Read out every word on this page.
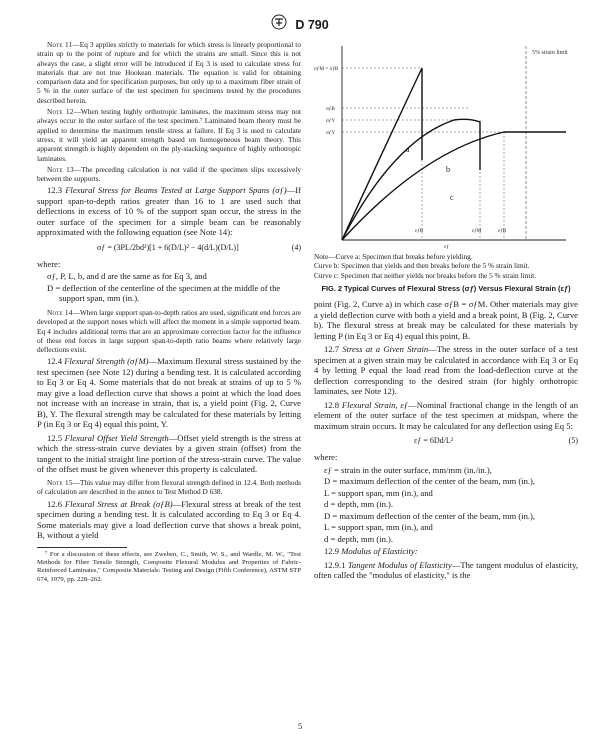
D 790

Note 11—Eq 3 applies strictly to materials for which stress is linearly proportional to strain up to the point of rupture and for which the strains are small. Since this is not always the case, a slight error will be introduced if Eq 3 is used to calculate stress for materials that are not true Hookean materials. The equation is valid for obtaining comparison data and for specification purposes, but only up to a maximum fiber strain of 5 % in the outer surface of the test specimen for specimens tested by the procedures described herein.

Note 12—When testing highly orthotropic laminates, the maximum stress may not always occur in the outer surface of the test specimen.⁷ Laminated beam theory must be applied to determine the maximum tensile stress at failure. If Eq 3 is used to calculate stress, it will yield an apparent strength based on homogeneous beam theory. This apparent strength is highly dependent on the ply-stacking sequence of highly orthotropic laminates.

Note 13—The preceding calculation is not valid if the specimen slips excessively between the supports.

12.3 Flexural Stress for Beams Tested at Large Support Spans (σƒ)—If support span-to-depth ratios greater than 16 to 1 are used such that deflections in excess of 10 % of the support span occur, the stress in the outer surface of the specimen for a simple beam can be reasonably approximated with the following equation (see Note 14):

σƒ = (3PL/2bd²)[1 + 6(D/L)² − 4(d/L)(D/L)]	(4)

where:

σƒ, P, L, b, and d are the same as for Eq 3, and

D = deflection of the centerline of the specimen at the middle of the support span, mm (in.).

Note 14—When large support span-to-depth ratios are used, significant end forces are developed at the support noses which will affect the moment in a simple supported beam. Eq 4 includes additional terms that are an approximate correction factor for the influence of these end forces in large support span-to-depth ratio beams where relatively large deflections exist.

12.4 Flexural Strength (σƒM)—Maximum flexural stress sustained by the test specimen (see Note 12) during a bending test. It is calculated according to Eq 3 or Eq 4. Some materials that do not break at strains of up to 5 % may give a load deflection curve that shows a point at which the load does not increase with an increase in strain, that is, a yield point (Fig. 2, Curve B), Y. The flexural strength may be calculated for these materials by letting P (in Eq 3 or Eq 4) equal this point, Y.

12.5 Flexural Offset Yield Strength—Offset yield strength is the stress at which the stress-strain curve deviates by a given strain (offset) from the tangent to the initial straight line portion of the stress-strain curve. The value of the offset must be given whenever this property is calculated.

Note 15—This value may differ from flexural strength defined in 12.4. Both methods of calculation are described in the annex to Test Method D 638.

12.6 Flexural Stress at Break (σƒB)—Flexural stress at break of the test specimen during a bending test. It is calculated according to Eq 3 or Eq 4. Some materials may give a load deflection curve that shows a break point, B, without a yield

⁷ For a discussion of these effects, see Zweben, C., Smith, W. S., and Wardle, M. W., "Test Methods for Fiber Tensile Strength, Composite Flexural Modulus and Properties of Fabric-Reinforced Laminates," Composite Materials: Testing and Design (Fifth Conference), ASTM STP 674, 1979, pp. 228–262.

5% strain limit
σƒM = σƒB
σƒB
σƒY
σƒY
a
b
c
εƒB	εƒM	εƒB
εƒ

Note—Curve a: Specimen that breaks before yielding.

Curve b: Specimen that yields and then breaks before the 5 % strain limit.

Curve c: Specimen that neither yields nor breaks before the 5 % strain limit.

FIG. 2 Typical Curves of Flexural Stress (σƒ) Versus Flexural Strain (εƒ)

point (Fig. 2, Curve a) in which case σƒB = σƒM. Other materials may give a yield deflection curve with both a yield and a break point, B (Fig. 2, Curve b). The flexural stress at break may be calculated for these materials by letting P (in Eq 3 or Eq 4) equal this point, B.

12.7 Stress at a Given Strain—The stress in the outer surface of a test specimen at a given strain may be calculated in accordance with Eq 3 or Eq 4 by letting P equal the load read from the load-deflection curve at the deflection corresponding to the desired strain (for highly orthotropic laminates, see Note 12).

12.8 Flexural Strain, εƒ—Nominal fractional change in the length of an element of the outer surface of the test specimen at midspan, where the maximum strain occurs. It may be calculated for any deflection using Eq 5:

εƒ = 6Dd/L²	(5)

where:

εƒ = strain in the outer surface, mm/mm (in./in.),

D = maximum deflection of the center of the beam, mm (in.),

L = support span, mm (in.), and

d = depth, mm (in.).

D = maximum deflection of the center of the beam, mm (in.),

L = support span, mm (in.), and

d = depth, mm (in.).

12.9 Modulus of Elasticity:

12.9.1 Tangent Modulus of Elasticity—The tangent modulus of elasticity, often called the "modulus of elasticity," is the

5
